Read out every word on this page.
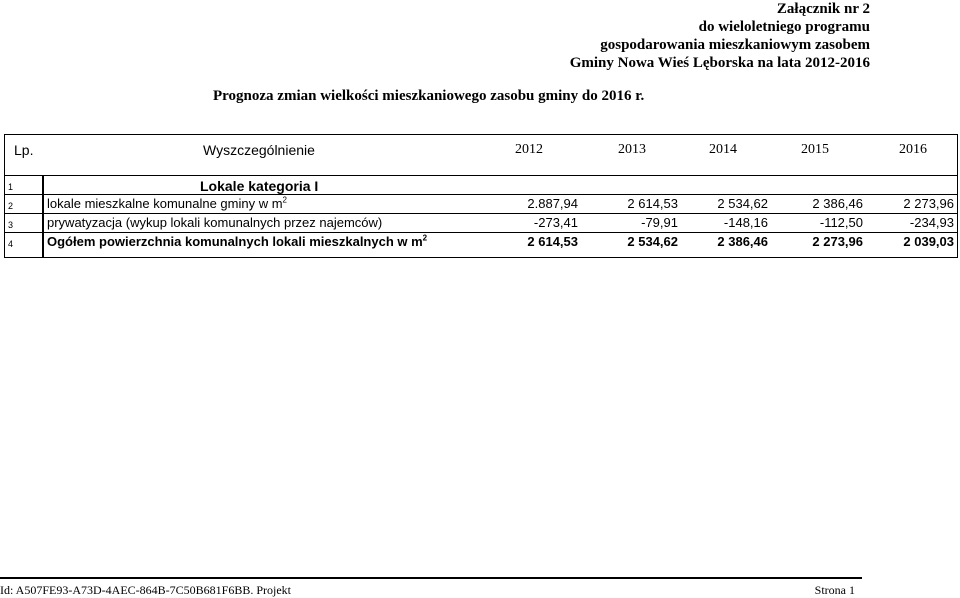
Załącznik nr 2
do wieloletniego programu
gospodarowania mieszkaniowym zasobem
Gminy Nowa Wieś Lęborska na lata 2012-2016
Prognoza zmian wielkości mieszkaniowego zasobu gminy do 2016 r.
Lp.	Wyszczególnienie	2012	2013	2014	2015	2016
1	Lokale kategoria I
2	lokale mieszkalne komunalne gminy w $m^2$	2.887,94	2 614,53	2 534,62	2 386,46	2 273,96
3	prywatyzacja (wykup lokali komunalnych przez najemców)	-273,41	-79,91	-148,16	-112,50	-234,93
4	Ogółem powierzchnia komunalnych lokali mieszkalnych w $m^2$	2 614,53	2 534,62	2 386,46	2 273,96	2 039,03
Id: A507FE93-A73D-4AEC-864B-7C50B681F6BB. Projekt	Strona 1
